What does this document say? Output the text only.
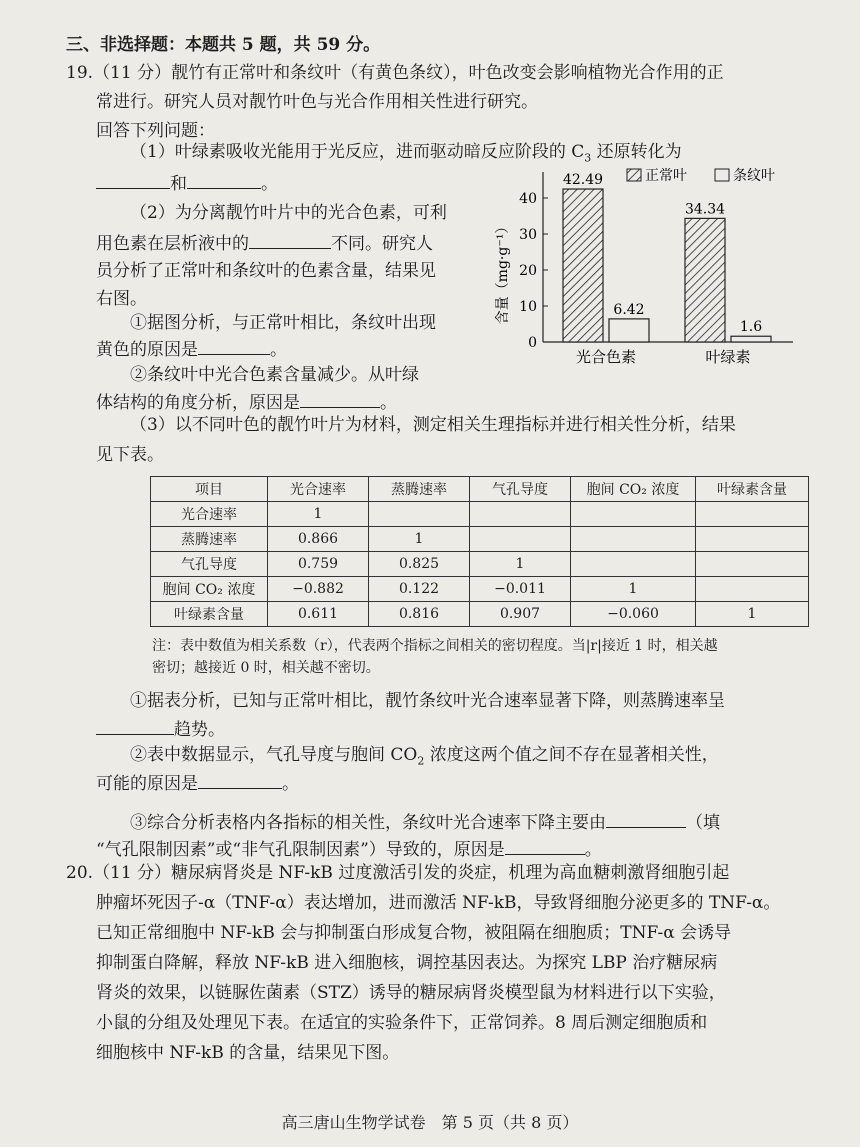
三、非选择题：本题共 5 题，共 59 分。
19.（11 分）靓竹有正常叶和条纹叶（有黄色条纹），叶色改变会影响植物光合作用的正
常进行。研究人员对靓竹叶色与光合作用相关性进行研究。
回答下列问题：
（1）叶绿素吸收光能用于光反应，进而驱动暗反应阶段的 $C_3$ 还原转化为
和	。
（2）为分离靓竹叶片中的光合色素，可利
用色素在层析液中的	不同。研究人
员分析了正常叶和条纹叶的色素含量，结果见
右图。
①据图分析，与正常叶相比，条纹叶出现
黄色的原因是	。
②条纹叶中光合色素含量减少。从叶绿
体结构的角度分析，原因是	。
0
10
20
30
40
光合色素	叶绿素
42.49
34.34
6.42
1.6
正常叶	条纹叶
含量（mg·g⁻¹）
（3）以不同叶色的靓竹叶片为材料，测定相关生理指标并进行相关性分析，结果
见下表。
项目	光合速率	蒸腾速率	气孔导度	胞间 CO₂ 浓度	叶绿素含量
光合速率	1				
蒸腾速率	0.866	1			
气孔导度	0.759	0.825	1		
胞间 CO₂ 浓度	−0.882	0.122	−0.011	1	
叶绿素含量	0.611	0.816	0.907	−0.060	1
注：表中数值为相关系数（r），代表两个指标之间相关的密切程度。当|r|接近 1 时，相关越
密切；越接近 0 时，相关越不密切。
①据表分析，已知与正常叶相比，靓竹条纹叶光合速率显著下降，则蒸腾速率呈
趋势。
②表中数据显示，气孔导度与胞间 $CO_2$ 浓度这两个值之间不存在显著相关性，
可能的原因是	。
③综合分析表格内各指标的相关性，条纹叶光合速率下降主要由	（填
“气孔限制因素”或“非气孔限制因素”）导致的，原因是	。
20.（11 分）糖尿病肾炎是 NF-kB 过度激活引发的炎症，机理为高血糖刺激肾细胞引起
肿瘤坏死因子-α（TNF-α）表达增加，进而激活 NF-kB，导致肾细胞分泌更多的 TNF-α。
已知正常细胞中 NF-kB 会与抑制蛋白形成复合物，被阻隔在细胞质；TNF-α 会诱导
抑制蛋白降解，释放 NF-kB 进入细胞核，调控基因表达。为探究 LBP 治疗糖尿病
肾炎的效果，以链脲佐菌素（STZ）诱导的糖尿病肾炎模型鼠为材料进行以下实验，
小鼠的分组及处理见下表。在适宜的实验条件下，正常饲养。8 周后测定细胞质和
细胞核中 NF-kB 的含量，结果见下图。
高三唐山生物学试卷　第 5 页（共 8 页）
